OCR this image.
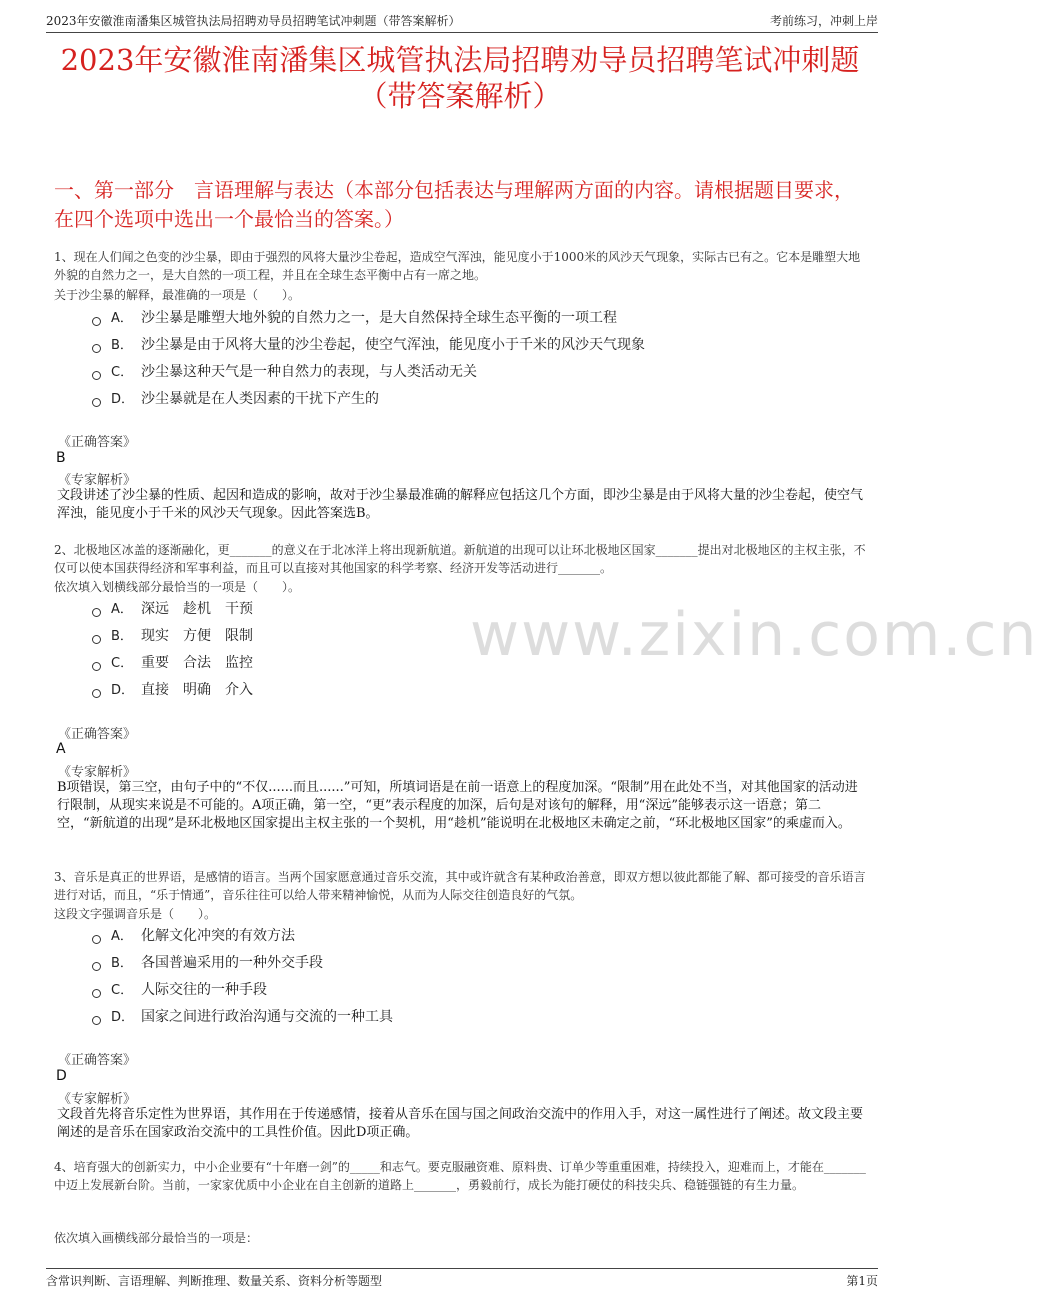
2023年安徽淮南潘集区城管执法局招聘劝导员招聘笔试冲刺题（带答案解析）	考前练习，冲刺上岸
2023年安徽淮南潘集区城管执法局招聘劝导员招聘笔试冲刺题
（带答案解析）
一、第一部分　言语理解与表达（本部分包括表达与理解两方面的内容。请根据题目要求，在四个选项中选出一个最恰当的答案。）
www.zixin.com.cn
1、现在人们闻之色变的沙尘暴，即由于强烈的风将大量沙尘卷起，造成空气浑浊，能见度小于1000米的风沙天气现象，实际古已有之。它本是雕塑大地外貌的自然力之一，是大自然的一项工程，并且在全球生态平衡中占有一席之地。
关于沙尘暴的解释，最准确的一项是（　　）。
A． 沙尘暴是雕塑大地外貌的自然力之一，是大自然保持全球生态平衡的一项工程
B． 沙尘暴是由于风将大量的沙尘卷起，使空气浑浊，能见度小于千米的风沙天气现象
C． 沙尘暴这种天气是一种自然力的表现，与人类活动无关
D． 沙尘暴就是在人类因素的干扰下产生的
《正确答案》
B
《专家解析》
文段讲述了沙尘暴的性质、起因和造成的影响，故对于沙尘暴最准确的解释应包括这几个方面，即沙尘暴是由于风将大量的沙尘卷起，使空气浑浊，能见度小于千米的风沙天气现象。因此答案选B。
2、北极地区冰盖的逐渐融化，更_______的意义在于北冰洋上将出现新航道。新航道的出现可以让环北极地区国家_______提出对北极地区的主权主张，不仅可以使本国获得经济和军事利益，而且可以直接对其他国家的科学考察、经济开发等活动进行_______。
依次填入划横线部分最恰当的一项是（　　）。
A． 深远 趁机 干预
B． 现实 方便 限制
C． 重要 合法 监控
D． 直接 明确 介入
《正确答案》
A
《专家解析》
B项错误，第三空，由句子中的“不仅......而且......”可知，所填词语是在前一语意上的程度加深。“限制”用在此处不当，对其他国家的活动进行限制，从现实来说是不可能的。A项正确，第一空，“更”表示程度的加深，后句是对该句的解释，用“深远”能够表示这一语意；第二空，“新航道的出现”是环北极地区国家提出主权主张的一个契机，用“趁机”能说明在北极地区未确定之前，“环北极地区国家”的乘虚而入。
3、音乐是真正的世界语，是感情的语言。当两个国家愿意通过音乐交流，其中或许就含有某种政治善意，即双方想以彼此都能了解、都可接受的音乐语言进行对话，而且，“乐于情通”，音乐往往可以给人带来精神愉悦，从而为人际交往创造良好的气氛。
这段文字强调音乐是（　　）。
A． 化解文化冲突的有效方法
B． 各国普遍采用的一种外交手段
C． 人际交往的一种手段
D． 国家之间进行政治沟通与交流的一种工具
《正确答案》
D
《专家解析》
文段首先将音乐定性为世界语，其作用在于传递感情，接着从音乐在国与国之间政治交流中的作用入手，对这一属性进行了阐述。故文段主要阐述的是音乐在国家政治交流中的工具性价值。因此D项正确。
4、培育强大的创新实力，中小企业要有“十年磨一剑”的_____和志气。要克服融资难、原料贵、订单少等重重困难，持续投入，迎难而上，才能在_______中迈上发展新台阶。当前，一家家优质中小企业在自主创新的道路上_______，勇毅前行，成长为能打硬仗的科技尖兵、稳链强链的有生力量。
依次填入画横线部分最恰当的一项是：
含常识判断、言语理解、判断推理、数量关系、资料分析等题型	第1页
